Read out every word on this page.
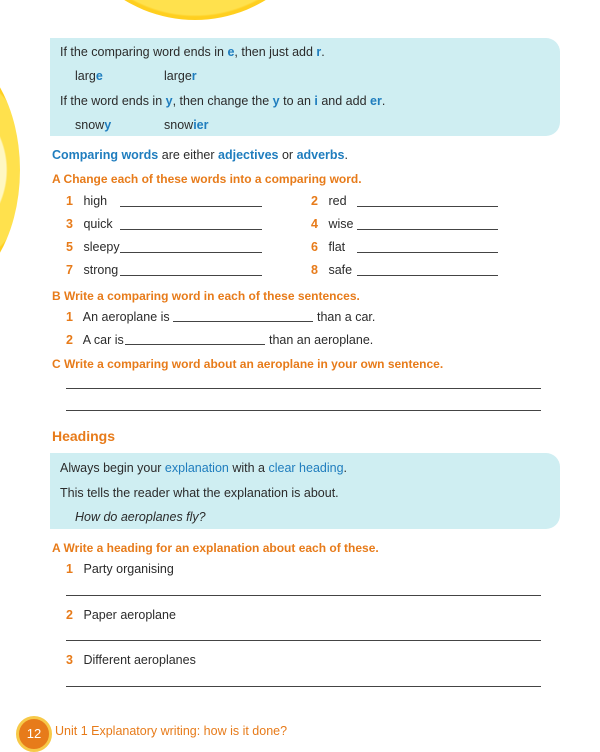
If the comparing word ends in e, then just add r.
large	larger
If the word ends in y, then change the y to an i and add er.
snowy	snowier
Comparing words are either adjectives or adverbs.
A Change each of these words into a comparing word.
1 high	2 red
3 quick	4 wise
5 sleepy	6 flat
7 strong	8 safe
B Write a comparing word in each of these sentences.
1 An aeroplane is	than a car.
2 A car is	than an aeroplane.
C Write a comparing word about an aeroplane in your own sentence.
Headings
Always begin your explanation with a clear heading.
This tells the reader what the explanation is about.
How do aeroplanes fly?
A Write a heading for an explanation about each of these.
1 Party organising
2 Paper aeroplane
3 Different aeroplanes
12	Unit 1 Explanatory writing: how is it done?
